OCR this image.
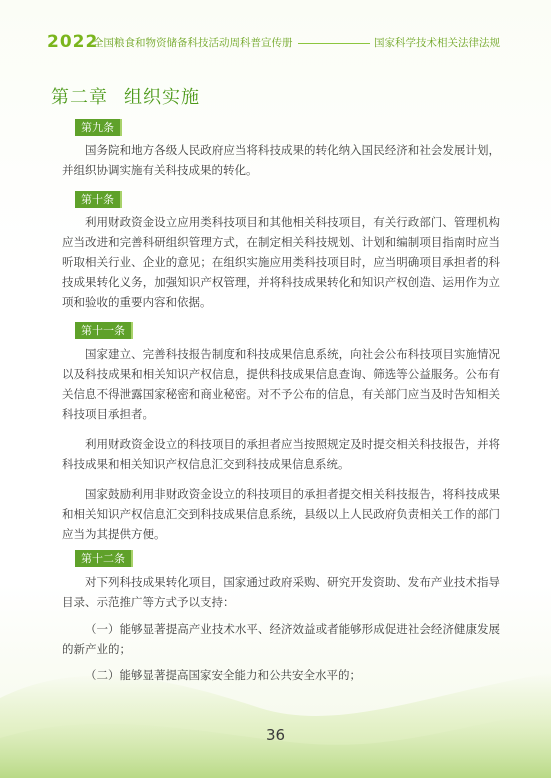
2022
全国粮食和物资储备科技活动周科普宣传册	国家科学技术相关法律法规
第二章 组织实施
第九条

国务院和地方各级人民政府应当将科技成果的转化纳入国民经济和社会发展计划，并组织协调实施有关科技成果的转化。

第十条

利用财政资金设立应用类科技项目和其他相关科技项目，有关行政部门、管理机构应当改进和完善科研组织管理方式，在制定相关科技规划、计划和编制项目指南时应当听取相关行业、企业的意见；在组织实施应用类科技项目时，应当明确项目承担者的科技成果转化义务，加强知识产权管理，并将科技成果转化和知识产权创造、运用作为立项和验收的重要内容和依据。

第十一条

国家建立、完善科技报告制度和科技成果信息系统，向社会公布科技项目实施情况以及科技成果和相关知识产权信息，提供科技成果信息查询、筛选等公益服务。公布有关信息不得泄露国家秘密和商业秘密。对不予公布的信息，有关部门应当及时告知相关科技项目承担者。

利用财政资金设立的科技项目的承担者应当按照规定及时提交相关科技报告，并将科技成果和相关知识产权信息汇交到科技成果信息系统。

国家鼓励利用非财政资金设立的科技项目的承担者提交相关科技报告，将科技成果和相关知识产权信息汇交到科技成果信息系统，县级以上人民政府负责相关工作的部门应当为其提供方便。

第十二条

对下列科技成果转化项目，国家通过政府采购、研究开发资助、发布产业技术指导目录、示范推广等方式予以支持：

（一）能够显著提高产业技术水平、经济效益或者能够形成促进社会经济健康发展的新产业的；

（二）能够显著提高国家安全能力和公共安全水平的；

36
